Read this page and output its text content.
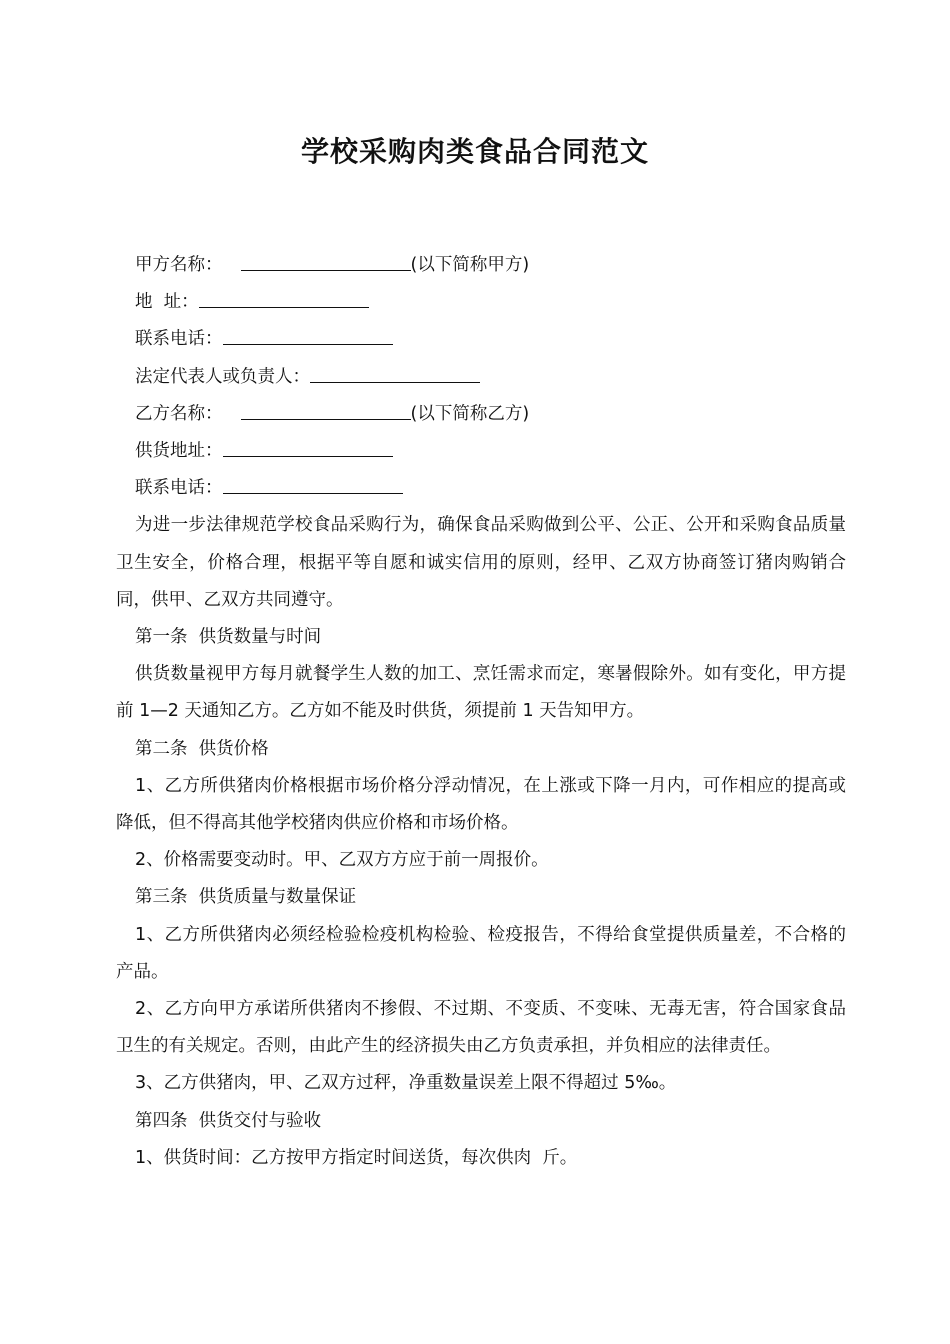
学校采购肉类食品合同范文

甲方名称：	(以下简称甲方)

地  址：

联系电话：

法定代表人或负责人：

乙方名称：	(以下简称乙方)

供货地址：

联系电话：

为进一步法律规范学校食品采购行为，确保食品采购做到公平、公正、公开和采购食品质量卫生安全，价格合理，根据平等自愿和诚实信用的原则，经甲、乙双方协商签订猪肉购销合同，供甲、乙双方共同遵守。

第一条  供货数量与时间

供货数量视甲方每月就餐学生人数的加工、烹饪需求而定，寒暑假除外。如有变化，甲方提前 1—2 天通知乙方。乙方如不能及时供货，须提前 1 天告知甲方。

第二条  供货价格

1、乙方所供猪肉价格根据市场价格分浮动情况，在上涨或下降一月内，可作相应的提高或降低，但不得高其他学校猪肉供应价格和市场价格。

2、价格需要变动时。甲、乙双方方应于前一周报价。

第三条  供货质量与数量保证

1、乙方所供猪肉必须经检验检疫机构检验、检疫报告，不得给食堂提供质量差，不合格的产品。

2、乙方向甲方承诺所供猪肉不掺假、不过期、不变质、不变味、无毒无害，符合国家食品卫生的有关规定。否则，由此产生的经济损失由乙方负责承担，并负相应的法律责任。

3、乙方供猪肉，甲、乙双方过秤，净重数量误差上限不得超过 5‰。

第四条  供货交付与验收

1、供货时间：乙方按甲方指定时间送货，每次供肉  斤。
